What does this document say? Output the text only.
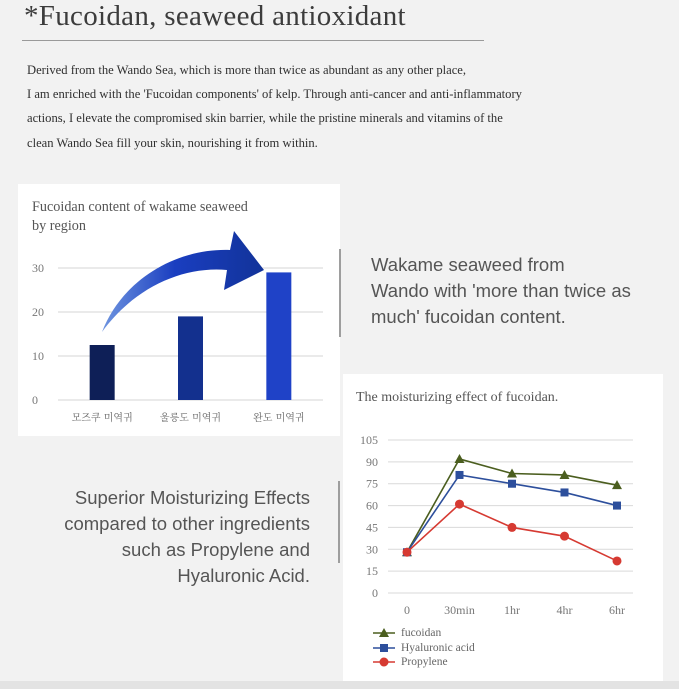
*Fucoidan, seaweed antioxidant
Derived from the Wando Sea, which is more than twice as abundant as any other place,
I am enriched with the 'Fucoidan components' of kelp. Through anti-cancer and anti-inflammatory
actions, I elevate the compromised skin barrier, while the pristine minerals and vitamins of the
clean Wando Sea fill your skin, nourishing it from within.
0
10
20
30
모즈쿠 미역귀	울릉도 미역귀	완도 미역귀
Fucoidan content of wakame seaweed by region
Wakame seaweed from
Wando with 'more than twice as
much' fucoidan content.
Superior Moisturizing Effects
compared to other ingredients
such as Propylene and
Hyaluronic Acid.
0
15
30
45
60
75
90
105
0	30min 1hr	4hr	6hr
The moisturizing effect of fucoidan.
fucoidan
Hyaluronic acid
Propylene
